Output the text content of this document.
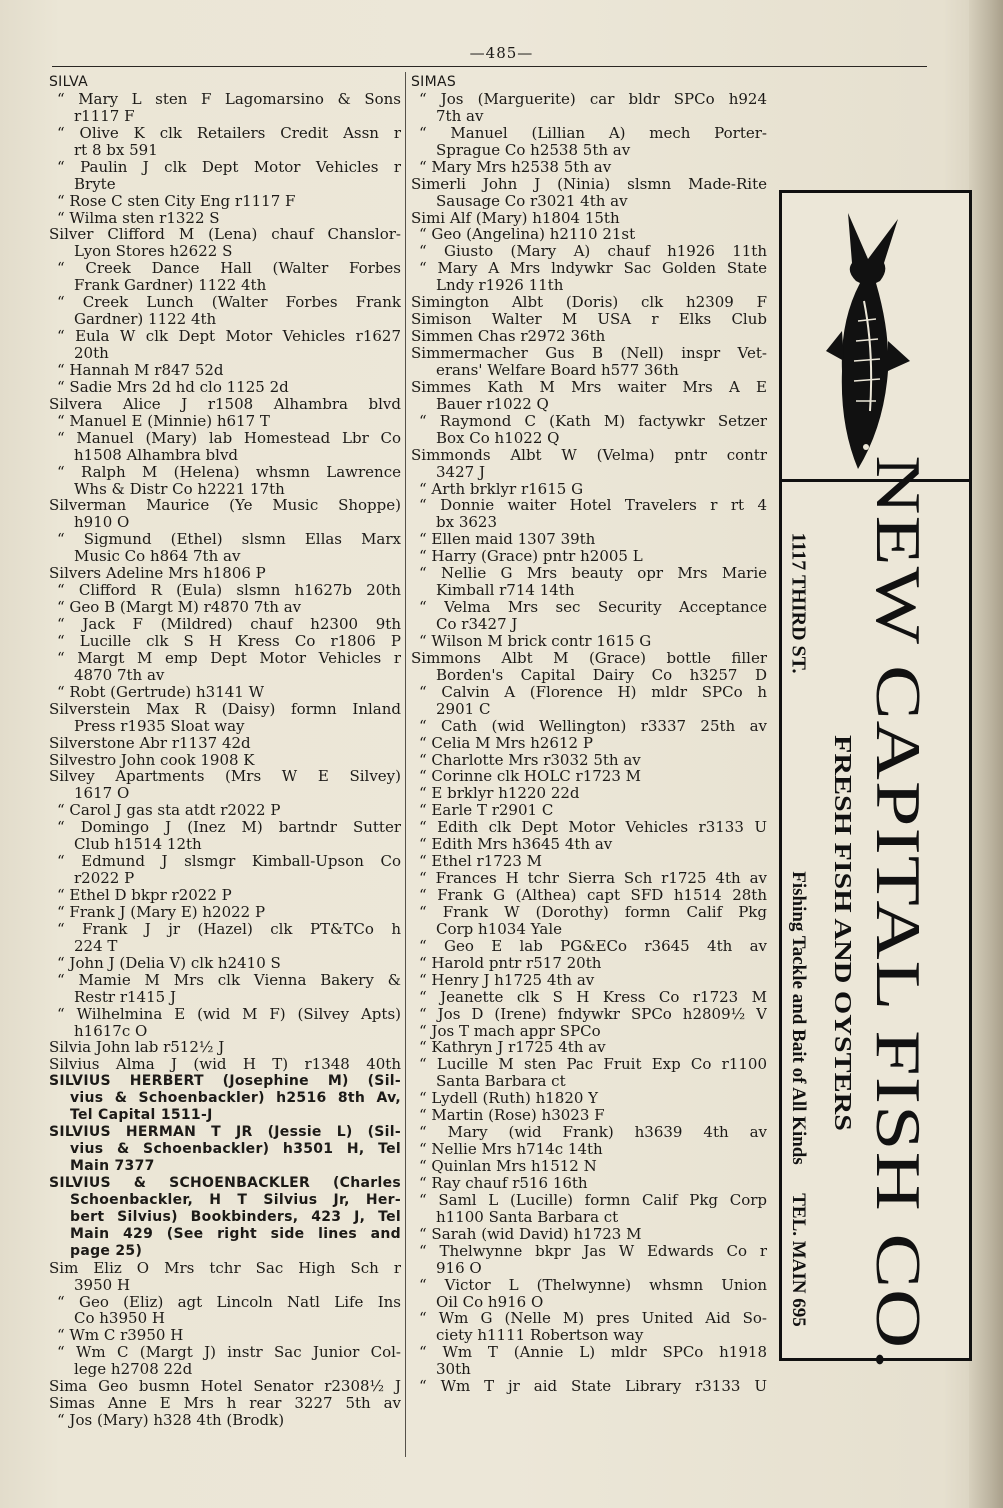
—485—
SILVA
“ Mary L sten F Lagomarsino & Sons
r1117 F
“ Olive K clk Retailers Credit Assn r
rt 8 bx 591
“ Paulin J clk Dept Motor Vehicles r
Bryte
“ Rose C sten City Eng r1117 F
“ Wilma sten r1322 S
Silver Clifford M (Lena) chauf Chanslor-
Lyon Stores h2622 S
“ Creek Dance Hall (Walter Forbes
Frank Gardner) 1122 4th
“ Creek Lunch (Walter Forbes Frank
Gardner) 1122 4th
“ Eula W clk Dept Motor Vehicles r1627
20th
“ Hannah M r847 52d
“ Sadie Mrs 2d hd clo 1125 2d
Silvera Alice J r1508 Alhambra blvd
“ Manuel E (Minnie) h617 T
“ Manuel (Mary) lab Homestead Lbr Co
h1508 Alhambra blvd
“ Ralph M (Helena) whsmn Lawrence
Whs & Distr Co h2221 17th
Silverman Maurice (Ye Music Shoppe)
h910 O
“ Sigmund (Ethel) slsmn Ellas Marx
Music Co h864 7th av
Silvers Adeline Mrs h1806 P
“ Clifford R (Eula) slsmn h1627b 20th
“ Geo B (Margt M) r4870 7th av
“ Jack F (Mildred) chauf h2300 9th
“ Lucille clk S H Kress Co r1806 P
“ Margt M emp Dept Motor Vehicles r
4870 7th av
“ Robt (Gertrude) h3141 W
Silverstein Max R (Daisy) formn Inland
Press r1935 Sloat way
Silverstone Abr r1137 42d
Silvestro John cook 1908 K
Silvey Apartments (Mrs W E Silvey)
1617 O
“ Carol J gas sta atdt r2022 P
“ Domingo J (Inez M) bartndr Sutter
Club h1514 12th
“ Edmund J slsmgr Kimball-Upson Co
r2022 P
“ Ethel D bkpr r2022 P
“ Frank J (Mary E) h2022 P
“ Frank J jr (Hazel) clk PT&TCo h
224 T
“ John J (Delia V) clk h2410 S
“ Mamie M Mrs clk Vienna Bakery &
Restr r1415 J
“ Wilhelmina E (wid M F) (Silvey Apts)
h1617c O
Silvia John lab r512½ J
Silvius Alma J (wid H T) r1348 40th
SILVIUS HERBERT (Josephine M) (Sil-
vius & Schoenbackler) h2516 8th Av,
Tel Capital 1511-J
SILVIUS HERMAN T JR (Jessie L) (Sil-
vius & Schoenbackler) h3501 H, Tel
Main 7377
SILVIUS & SCHOENBACKLER (Charles
Schoenbackler, H T Silvius Jr, Her-
bert Silvius) Bookbinders, 423 J, Tel
Main 429 (See right side lines and
page 25)
Sim Eliz O Mrs tchr Sac High Sch r
3950 H
“ Geo (Eliz) agt Lincoln Natl Life Ins
Co h3950 H
“ Wm C r3950 H
“ Wm C (Margt J) instr Sac Junior Col-
lege h2708 22d
Sima Geo busmn Hotel Senator r2308½ J
Simas Anne E Mrs h rear 3227 5th av
“ Jos (Mary) h328 4th (Brodk)
SIMAS
“ Jos (Marguerite) car bldr SPCo h924
7th av
“ Manuel (Lillian A) mech Porter-
Sprague Co h2538 5th av
“ Mary Mrs h2538 5th av
Simerli John J (Ninia) slsmn Made-Rite
Sausage Co r3021 4th av
Simi Alf (Mary) h1804 15th
“ Geo (Angelina) h2110 21st
“ Giusto (Mary A) chauf h1926 11th
“ Mary A Mrs lndywkr Sac Golden State
Lndy r1926 11th
Simington Albt (Doris) clk h2309 F
Simison Walter M USA r Elks Club
Simmen Chas r2972 36th
Simmermacher Gus B (Nell) inspr Vet-
erans' Welfare Board h577 36th
Simmes Kath M Mrs waiter Mrs A E
Bauer r1022 Q
“ Raymond C (Kath M) factywkr Setzer
Box Co h1022 Q
Simmonds Albt W (Velma) pntr contr
3427 J
“ Arth brklyr r1615 G
“ Donnie waiter Hotel Travelers r rt 4
bx 3623
“ Ellen maid 1307 39th
“ Harry (Grace) pntr h2005 L
“ Nellie G Mrs beauty opr Mrs Marie
Kimball r714 14th
“ Velma Mrs sec Security Acceptance
Co r3427 J
“ Wilson M brick contr 1615 G
Simmons Albt M (Grace) bottle filler
Borden's Capital Dairy Co h3257 D
“ Calvin A (Florence H) mldr SPCo h
2901 C
“ Cath (wid Wellington) r3337 25th av
“ Celia M Mrs h2612 P
“ Charlotte Mrs r3032 5th av
“ Corinne clk HOLC r1723 M
“ E brklyr h1220 22d
“ Earle T r2901 C
“ Edith clk Dept Motor Vehicles r3133 U
“ Edith Mrs h3645 4th av
“ Ethel r1723 M
“ Frances H tchr Sierra Sch r1725 4th av
“ Frank G (Althea) capt SFD h1514 28th
“ Frank W (Dorothy) formn Calif Pkg
Corp h1034 Yale
“ Geo E lab PG&ECo r3645 4th av
“ Harold pntr r517 20th
“ Henry J h1725 4th av
“ Jeanette clk S H Kress Co r1723 M
“ Jos D (Irene) fndywkr SPCo h2809½ V
“ Jos T mach appr SPCo
“ Kathryn J r1725 4th av
“ Lucille M sten Pac Fruit Exp Co r1100
Santa Barbara ct
“ Lydell (Ruth) h1820 Y
“ Martin (Rose) h3023 F
“ Mary (wid Frank) h3639 4th av
“ Nellie Mrs h714c 14th
“ Quinlan Mrs h1512 N
“ Ray chauf r516 16th
“ Saml L (Lucille) formn Calif Pkg Corp
h1100 Santa Barbara ct
“ Sarah (wid David) h1723 M
“ Thelwynne bkpr Jas W Edwards Co r
916 O
“ Victor L (Thelwynne) whsmn Union
Oil Co h916 O
“ Wm G (Nelle M) pres United Aid So-
ciety h1111 Robertson way
“ Wm T (Annie L) mldr SPCo h1918
30th
“ Wm T jr aid State Library r3133 U
NEW CAPITAL FISH CO.
FRESH FISH AND OYSTERS
1117 THIRD ST.
Fishing Tackle and Bait of All Kinds
TEL. MAIN 695
